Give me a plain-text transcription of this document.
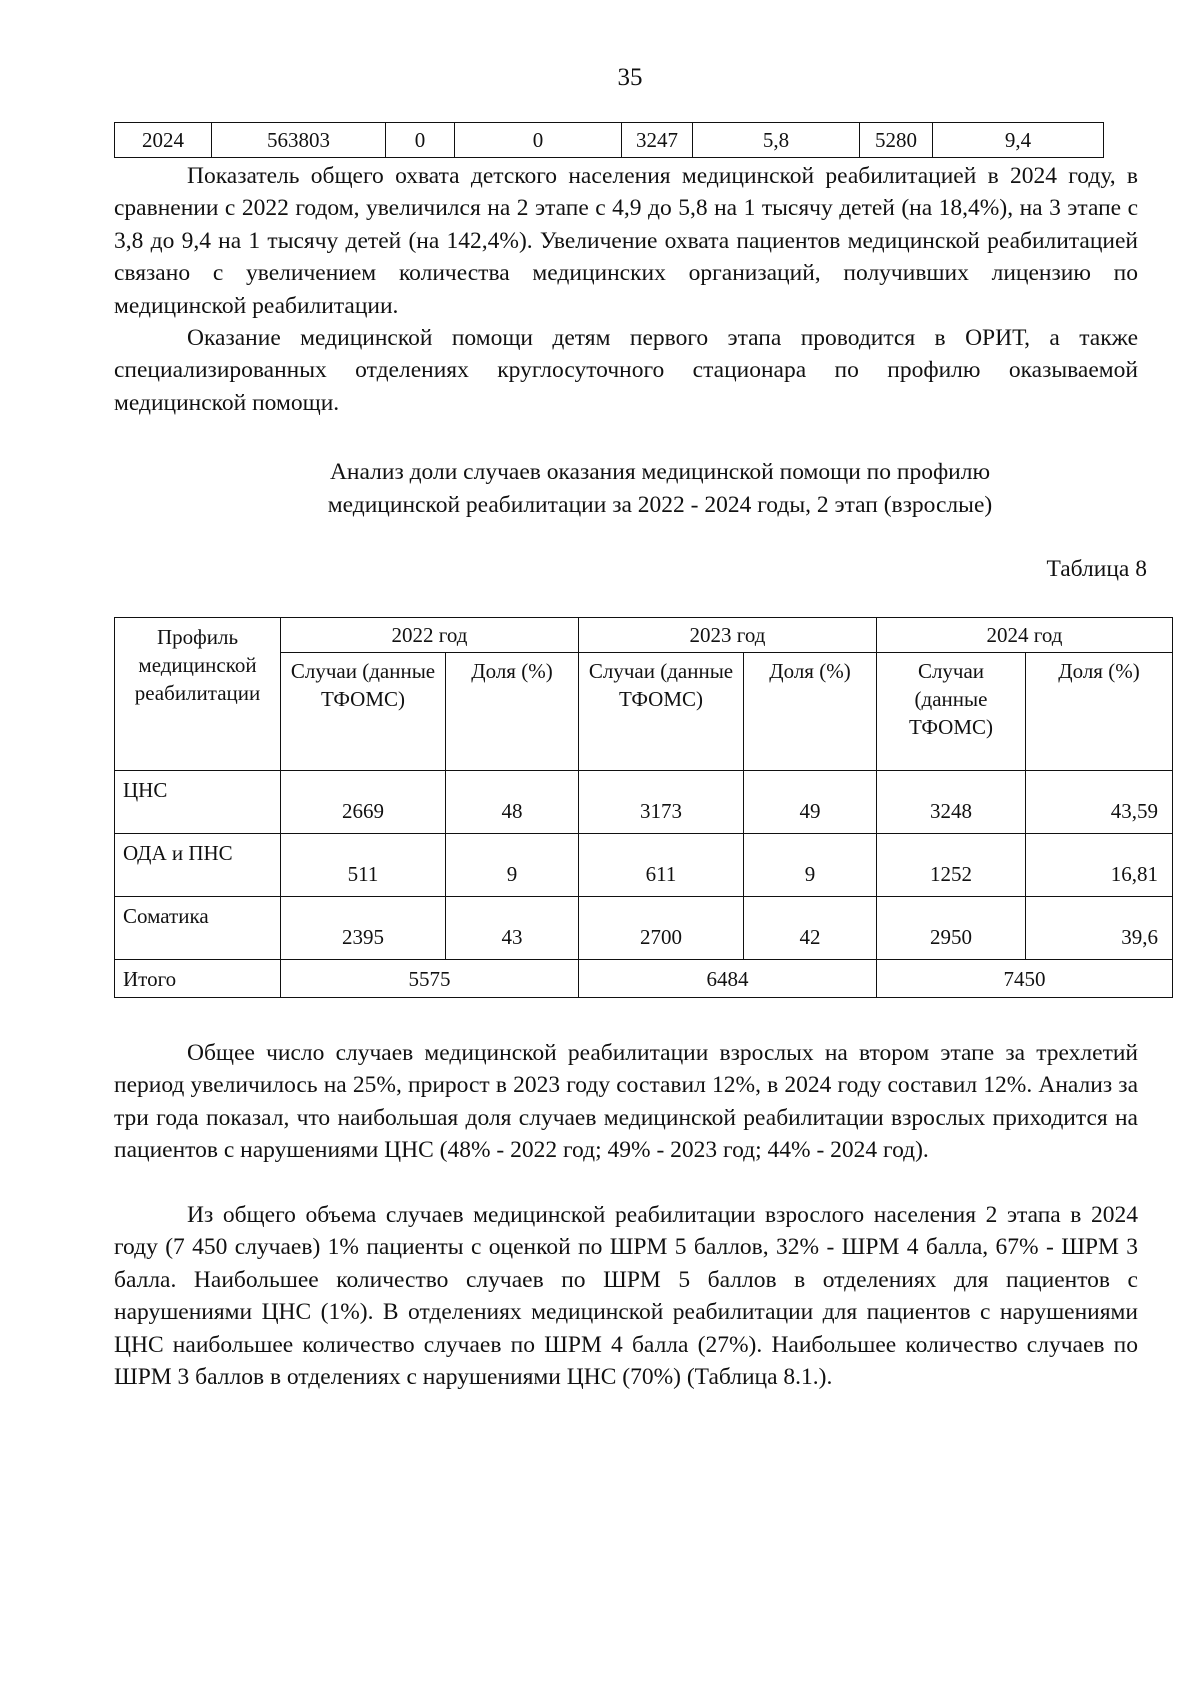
35
2024	563803	0	0	3247	5,8	5280	9,4

Показатель общего охвата детского населения медицинской реабилитацией в 2024 году, в сравнении с 2022 годом, увеличился на 2 этапе с 4,9 до 5,8 на 1 тысячу детей (на 18,4%), на 3 этапе с 3,8 до 9,4 на 1 тысячу детей (на 142,4%). Увеличение охвата пациентов медицинской реабилитацией связано с увеличением количества медицинских организаций, получивших лицензию по медицинской реабилитации.

Оказание медицинской помощи детям первого этапа проводится в ОРИТ, а также специализированных отделениях круглосуточного стационара по профилю оказываемой медицинской помощи.

Анализ доли случаев оказания медицинской помощи по профилю
медицинской реабилитации за 2022 - 2024 годы, 2 этап (взрослые)
Таблица 8
Профиль медицинской реабилитации	2022 год		2023 год		2024 год	
	Случаи (данные ТФОМС)	Доля (%)	Случаи (данные ТФОМС)	Доля (%)	Случаи (данные ТФОМС)	Доля (%)
ЦНС	2669	48	3173	49	3248	43,59
ОДА и ПНС	511	9	611	9	1252	16,81
Соматика	2395	43	2700	42	2950	39,6
Итого	5575		6484		7450	

Общее число случаев медицинской реабилитации взрослых на втором этапе за трехлетий период увеличилось на 25%, прирост в 2023 году составил 12%, в 2024 году составил 12%. Анализ за три года показал, что наибольшая доля случаев медицинской реабилитации взрослых приходится на пациентов с нарушениями ЦНС (48% - 2022 год; 49% - 2023 год; 44% - 2024 год).

Из общего объема случаев медицинской реабилитации взрослого населения 2 этапа в 2024 году (7 450 случаев) 1% пациенты с оценкой по ШРМ 5 баллов, 32% - ШРМ 4 балла, 67% - ШРМ 3 балла. Наибольшее количество случаев по ШРМ 5 баллов в отделениях для пациентов с нарушениями ЦНС (1%). В отделениях медицинской реабилитации для пациентов с нарушениями ЦНС наибольшее количество случаев по ШРМ 4 балла (27%). Наибольшее количество случаев по ШРМ 3 баллов в отделениях с нарушениями ЦНС (70%) (Таблица 8.1.).
